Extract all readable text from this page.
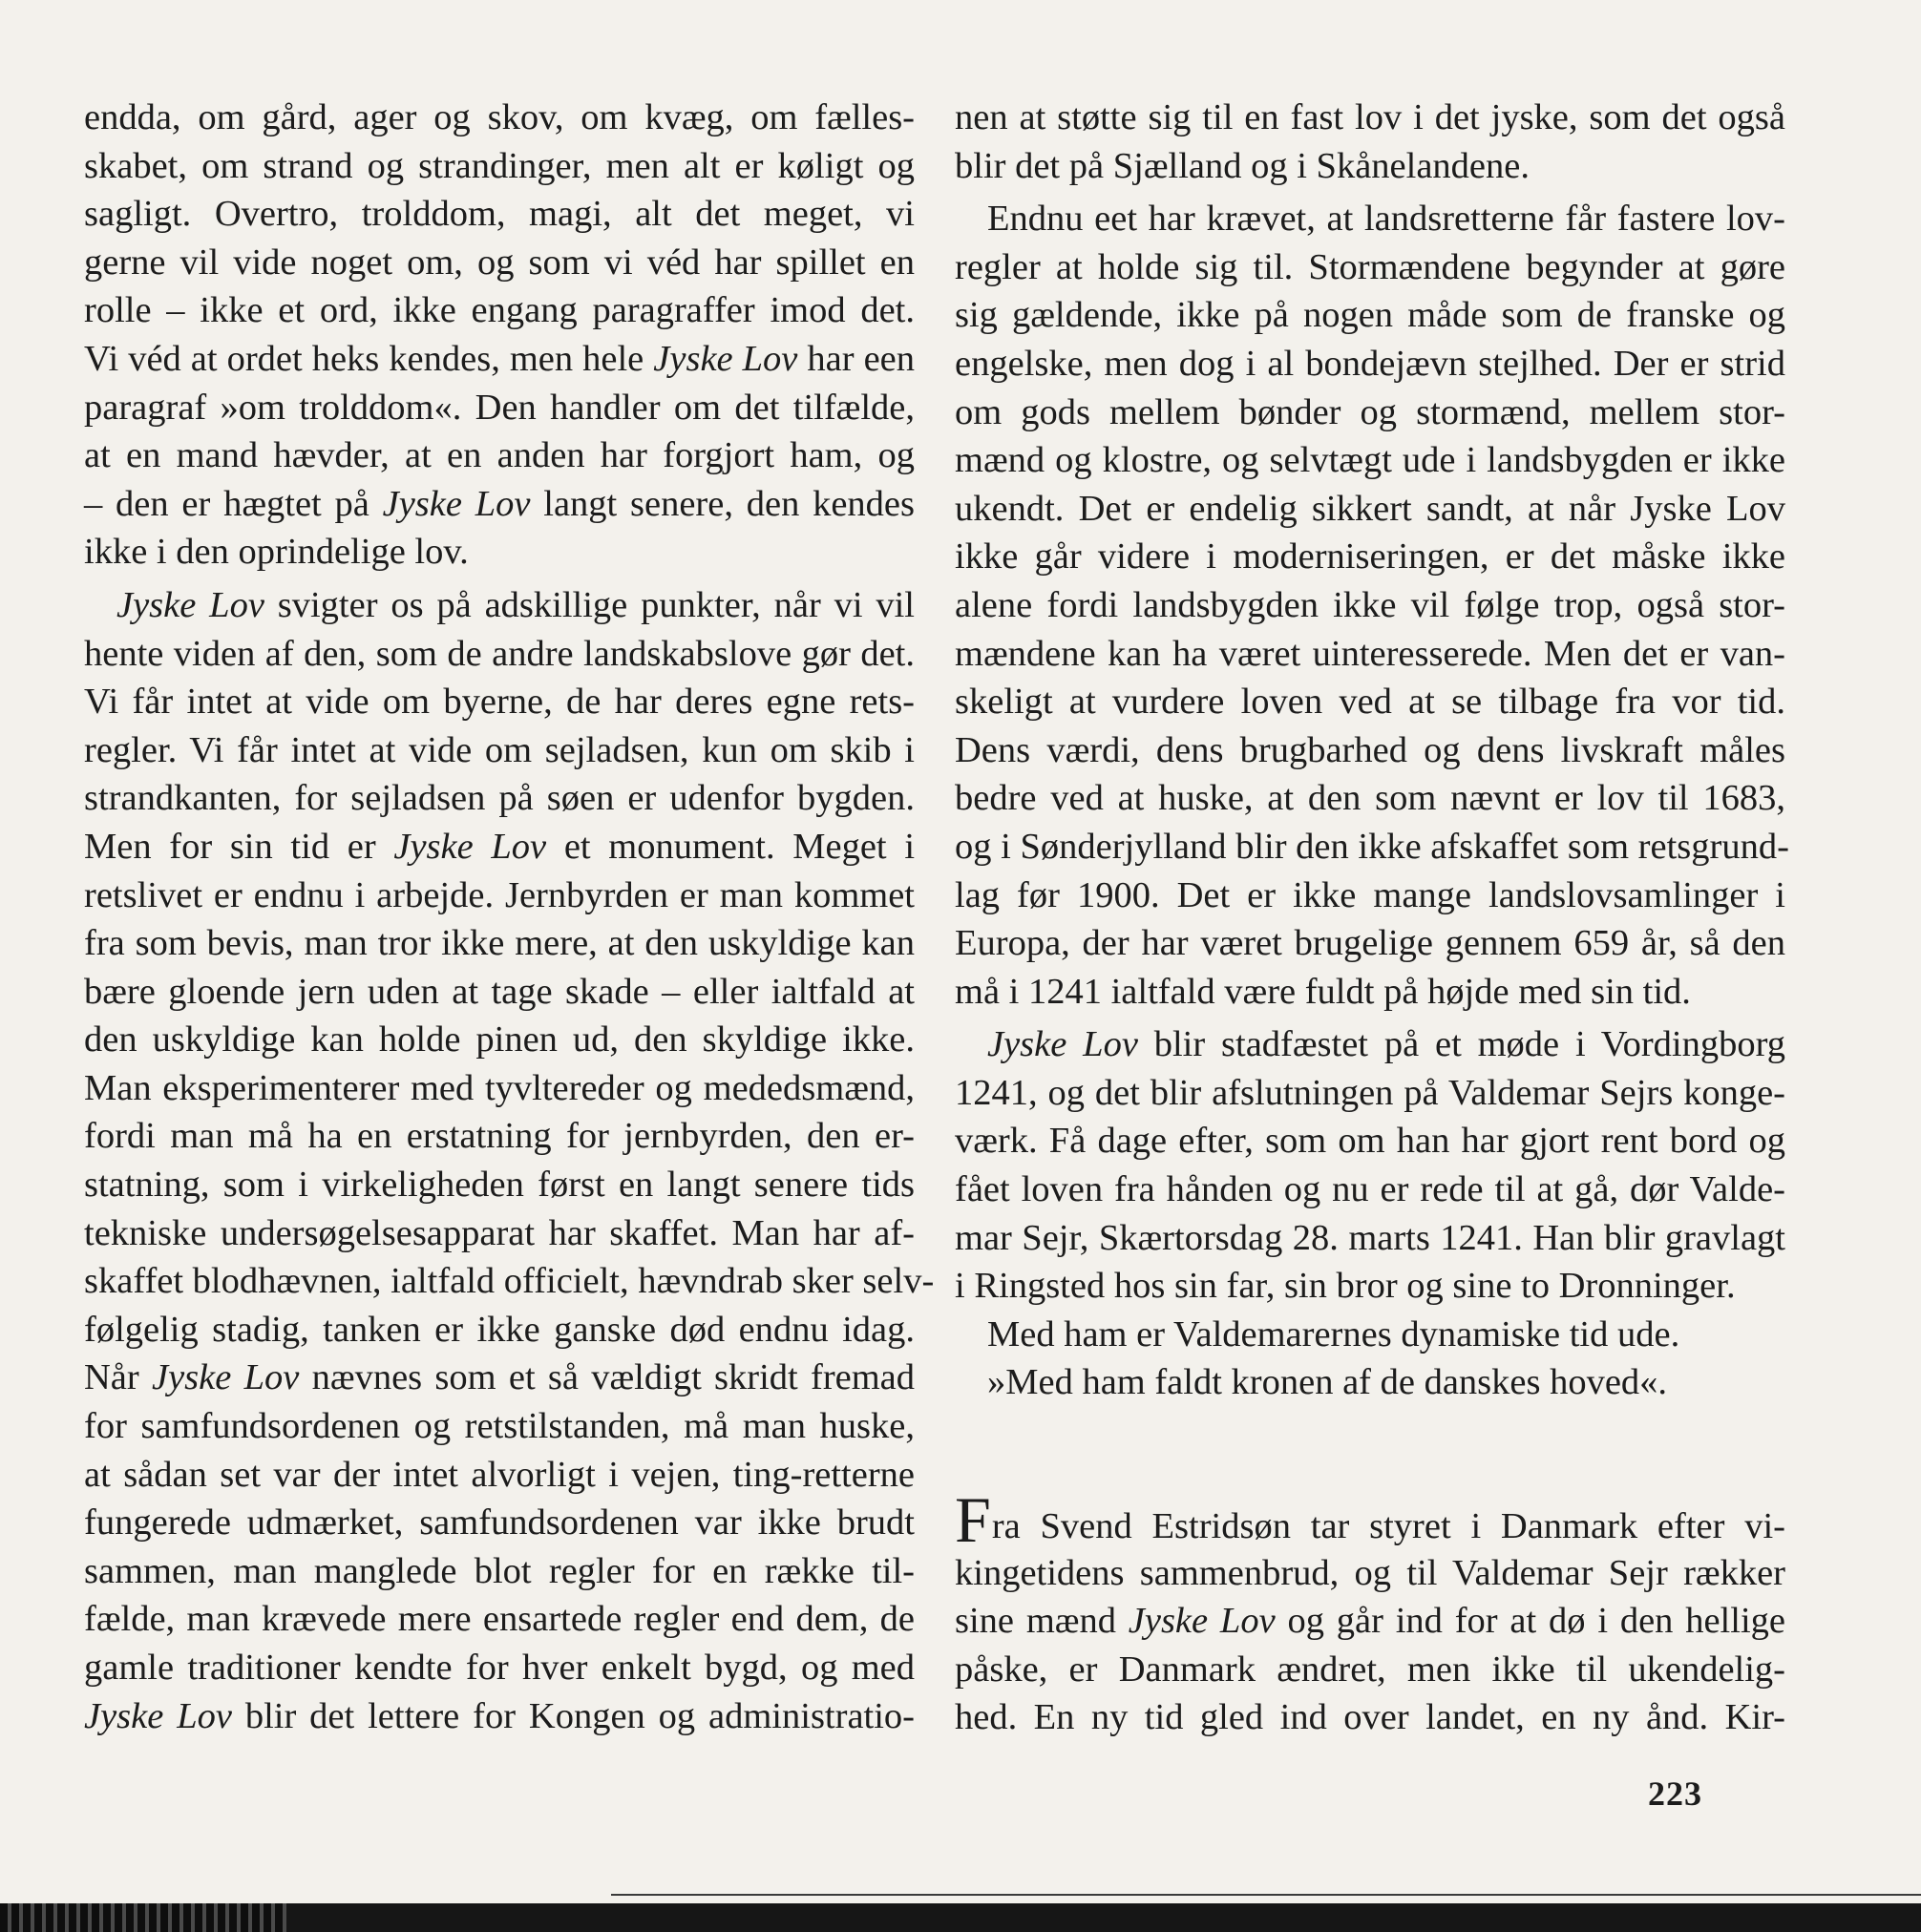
endda, om gård, ager og skov, om kvæg, om fælles-
skabet, om strand og strandinger, men alt er køligt og
sagligt. Overtro, trolddom, magi, alt det meget, vi
gerne vil vide noget om, og som vi véd har spillet en
rolle – ikke et ord, ikke engang paragraffer imod det.
Vi véd at ordet heks kendes, men hele Jyske Lov har een
paragraf »om trolddom«. Den handler om det tilfælde,
at en mand hævder, at en anden har forgjort ham, og
– den er hægtet på Jyske Lov langt senere, den kendes
ikke i den oprindelige lov.
Jyske Lov svigter os på adskillige punkter, når vi vil
hente viden af den, som de andre landskabslove gør det.
Vi får intet at vide om byerne, de har deres egne rets-
regler. Vi får intet at vide om sejladsen, kun om skib i
strandkanten, for sejladsen på søen er udenfor bygden.
Men for sin tid er Jyske Lov et monument. Meget i
retslivet er endnu i arbejde. Jernbyrden er man kommet
fra som bevis, man tror ikke mere, at den uskyldige kan
bære gloende jern uden at tage skade – eller ialtfald at
den uskyldige kan holde pinen ud, den skyldige ikke.
Man eksperimenterer med tyvltereder og mededsmænd,
fordi man må ha en erstatning for jernbyrden, den er-
statning, som i virkeligheden først en langt senere tids
tekniske undersøgelsesapparat har skaffet. Man har af-
skaffet blodhævnen, ialtfald officielt, hævndrab sker selv-
følgelig stadig, tanken er ikke ganske død endnu idag.
Når Jyske Lov nævnes som et så vældigt skridt fremad
for samfundsordenen og retstilstanden, må man huske,
at sådan set var der intet alvorligt i vejen, ting-retterne
fungerede udmærket, samfundsordenen var ikke brudt
sammen, man manglede blot regler for en række til-
fælde, man krævede mere ensartede regler end dem, de
gamle traditioner kendte for hver enkelt bygd, og med
Jyske Lov blir det lettere for Kongen og administratio-
nen at støtte sig til en fast lov i det jyske, som det også
blir det på Sjælland og i Skånelandene.
Endnu eet har krævet, at landsretterne får fastere lov-
regler at holde sig til. Stormændene begynder at gøre
sig gældende, ikke på nogen måde som de franske og
engelske, men dog i al bondejævn stejlhed. Der er strid
om gods mellem bønder og stormænd, mellem stor-
mænd og klostre, og selvtægt ude i landsbygden er ikke
ukendt. Det er endelig sikkert sandt, at når Jyske Lov
ikke går videre i moderniseringen, er det måske ikke
alene fordi landsbygden ikke vil følge trop, også stor-
mændene kan ha været uinteresserede. Men det er van-
skeligt at vurdere loven ved at se tilbage fra vor tid.
Dens værdi, dens brugbarhed og dens livskraft måles
bedre ved at huske, at den som nævnt er lov til 1683,
og i Sønderjylland blir den ikke afskaffet som retsgrund-
lag før 1900. Det er ikke mange landslovsamlinger i
Europa, der har været brugelige gennem 659 år, så den
må i 1241 ialtfald være fuldt på højde med sin tid.
Jyske Lov blir stadfæstet på et møde i Vordingborg
1241, og det blir afslutningen på Valdemar Sejrs konge-
værk. Få dage efter, som om han har gjort rent bord og
fået loven fra hånden og nu er rede til at gå, dør Valde-
mar Sejr, Skærtorsdag 28. marts 1241. Han blir gravlagt
i Ringsted hos sin far, sin bror og sine to Dronninger.
Med ham er Valdemarernes dynamiske tid ude.
»Med ham faldt kronen af de danskes hoved«.
Fra Svend Estridsøn tar styret i Danmark efter vi-
kingetidens sammenbrud, og til Valdemar Sejr rækker
sine mænd Jyske Lov og går ind for at dø i den hellige
påske, er Danmark ændret, men ikke til ukendelig-
hed. En ny tid gled ind over landet, en ny ånd. Kir-
223
